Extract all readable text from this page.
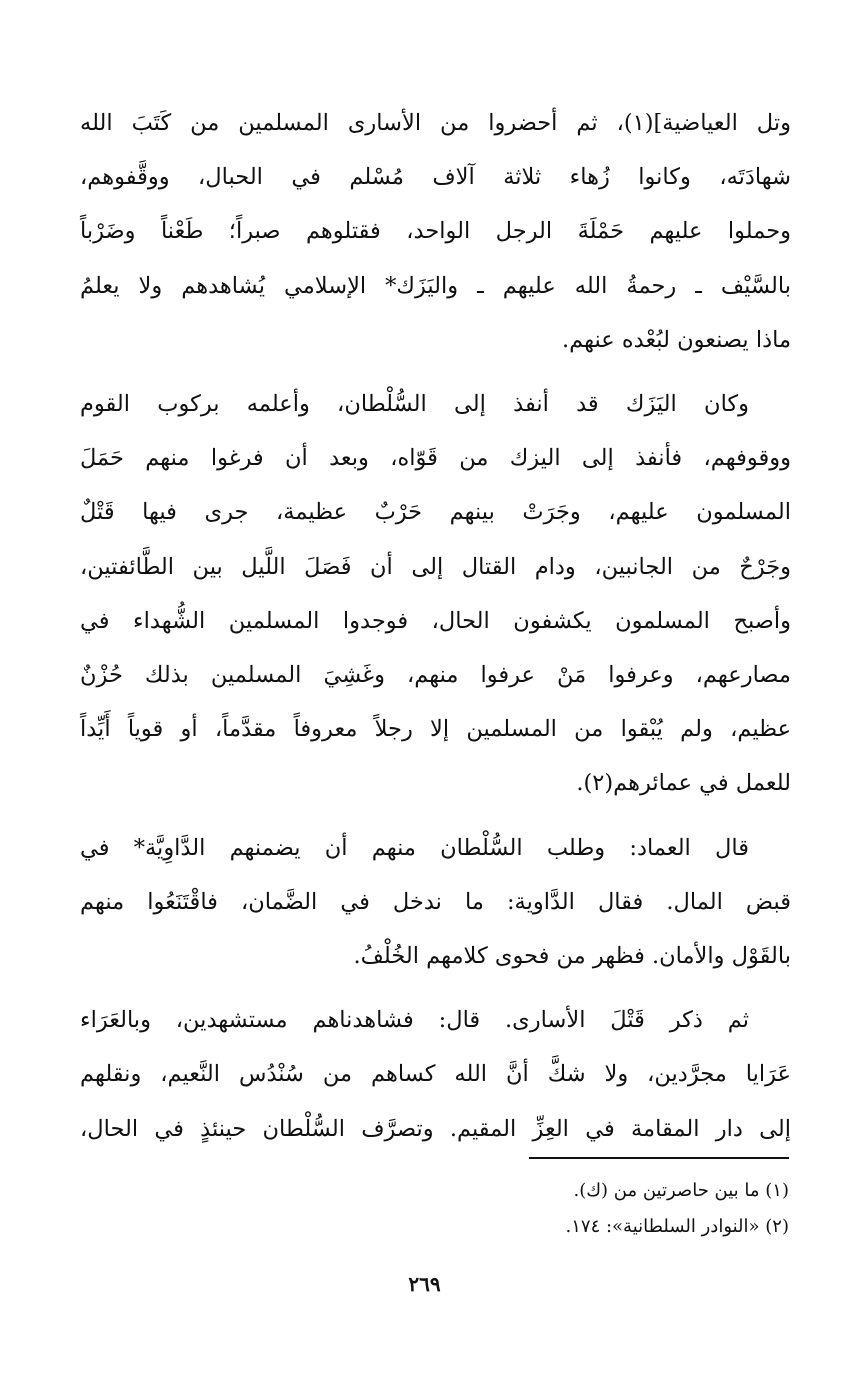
وتل العياضية](١)، ثم أحضروا من الأسارى المسلمين من كَتَبَ الله
شهادَتَه، وكانوا زُهاء ثلاثة آلاف مُسْلم في الحبال، ووقَّفوهم،
وحملوا عليهم حَمْلَةَ الرجل الواحد، فقتلوهم صبراً؛ طَعْناً وضَرْباً
بالسَّيْف ـ رحمةُ الله عليهم ـ واليَزَك* الإسلامي يُشاهدهم ولا يعلمُ
ماذا يصنعون لبُعْده عنهم.
وكان اليَزَك قد أنفذ إلى السُّلْطان، وأعلمه بركوب القوم
ووقوفهم، فأنفذ إلى اليزك من قَوّاه، وبعد أن فرغوا منهم حَمَلَ
المسلمون عليهم، وجَرَتْ بينهم حَرْبٌ عظيمة، جرى فيها قَتْلٌ
وجَرْحٌ من الجانبين، ودام القتال إلى أن فَصَلَ اللَّيل بين الطَّائفتين،
وأصبح المسلمون يكشفون الحال، فوجدوا المسلمين الشُّهداء في
مصارعهم، وعرفوا مَنْ عرفوا منهم، وغَشِيَ المسلمين بذلك حُزْنٌ
عظيم، ولم يُبْقوا من المسلمين إلا رجلاً معروفاً مقدَّماً، أو قوياً أَيِّداً
للعمل في عمائرهم(٢).
قال العماد: وطلب السُّلْطان منهم أن يضمنهم الدَّاوِيَّة* في
قبض المال. فقال الدَّاوية: ما ندخل في الضَّمان، فاقْتَنَعُوا منهم
بالقَوْل والأمان. فظهر من فحوى كلامهم الخُلْفُ.
ثم ذكر قَتْلَ الأسارى. قال: فشاهدناهم مستشهدين، وبالعَرَاء
عَرَايا مجرَّدين، ولا شكَّ أنَّ الله كساهم من سُنْدُس النَّعيم، ونقلهم
إلى دار المقامة في العِزِّ المقيم. وتصرَّف السُّلْطان حينئذٍ في الحال،
(١) ما بين حاصرتين من (ك).
(٢) «النوادر السلطانية»: ١٧٤.
٢٦٩
